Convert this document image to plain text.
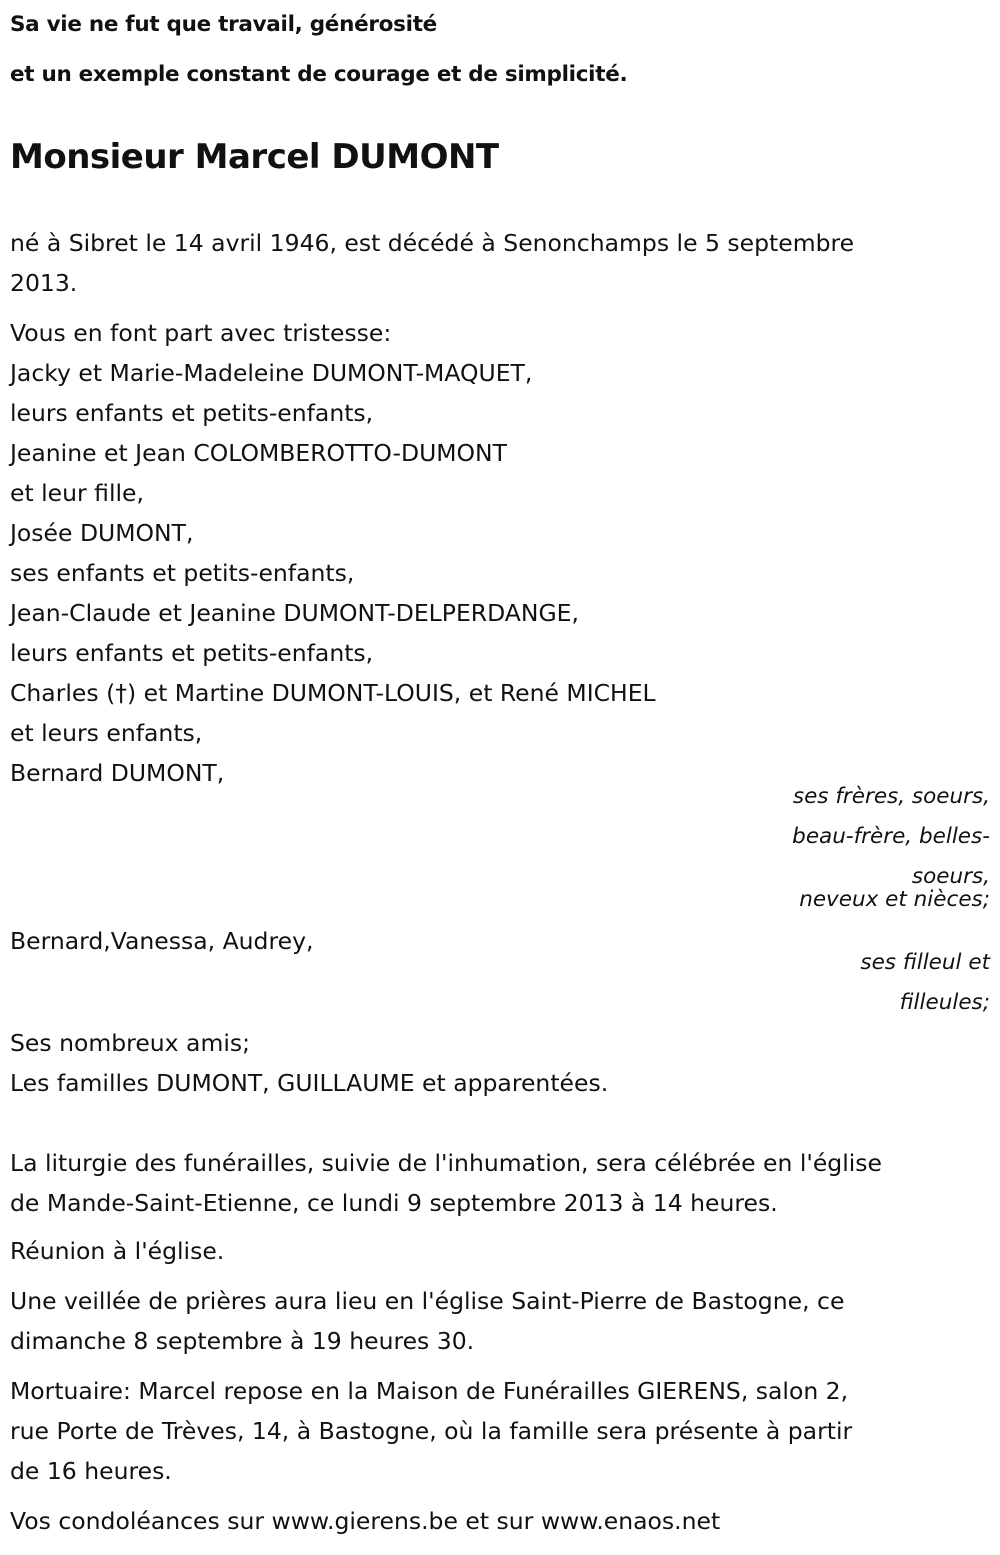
Sa vie ne fut que travail, générosité
et un exemple constant de courage et de simplicité.
Monsieur Marcel DUMONT
né à Sibret le 14 avril 1946, est décédé à Senonchamps le 5 septembre
2013.
Vous en font part avec tristesse:
Jacky et Marie-Madeleine DUMONT-MAQUET,
leurs enfants et petits-enfants,
Jeanine et Jean COLOMBEROTTO-DUMONT
et leur fille,
Josée DUMONT,
ses enfants et petits-enfants,
Jean-Claude et Jeanine DUMONT-DELPERDANGE,
leurs enfants et petits-enfants,
Charles (†) et Martine DUMONT-LOUIS, et René MICHEL
et leurs enfants,
Bernard DUMONT,
ses frères, soeurs,
beau-frère, belles-
soeurs,
neveux et nièces;
Bernard,Vanessa, Audrey,
ses filleul et
filleules;
Ses nombreux amis;
Les familles DUMONT, GUILLAUME et apparentées.
La liturgie des funérailles, suivie de l'inhumation, sera célébrée en l'église
de Mande-Saint-Etienne, ce lundi 9 septembre 2013 à 14 heures.
Réunion à l'église.
Une veillée de prières aura lieu en l'église Saint-Pierre de Bastogne, ce
dimanche 8 septembre à 19 heures 30.
Mortuaire: Marcel repose en la Maison de Funérailles GIERENS, salon 2,
rue Porte de Trèves, 14, à Bastogne, où la famille sera présente à partir
de 16 heures.
Vos condoléances sur www.gierens.be et sur www.enaos.net
